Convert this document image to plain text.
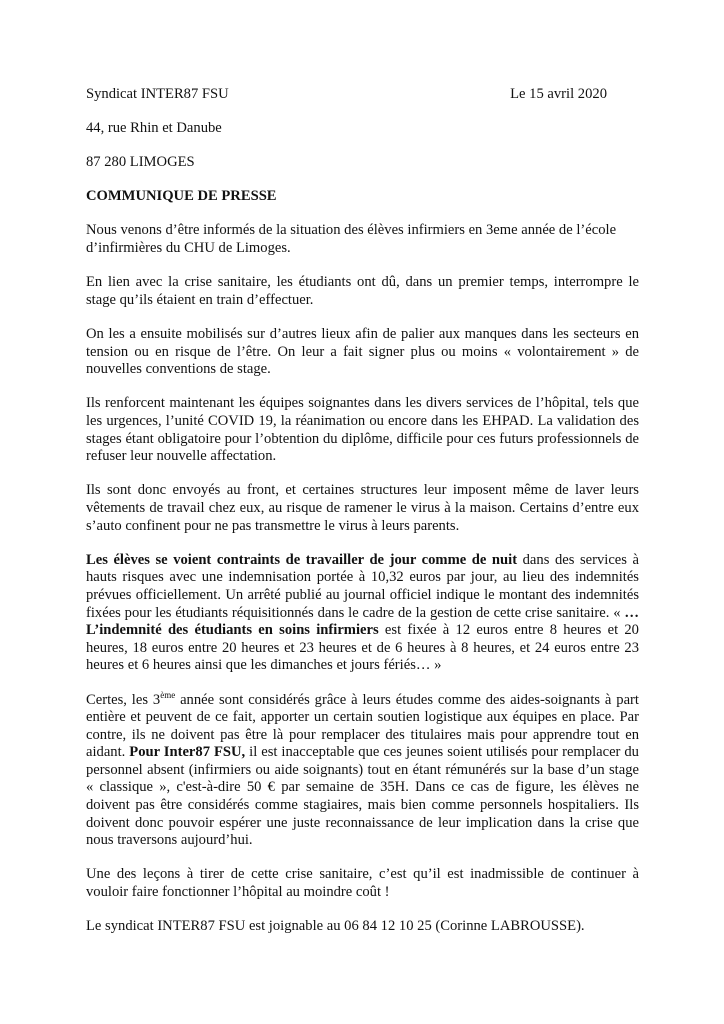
Syndicat INTER87 FSU	Le 15 avril 2020
44, rue Rhin et Danube
87 280 LIMOGES
COMMUNIQUE DE PRESSE

Nous venons d’être informés de la situation des élèves infirmiers en 3eme année de l’école d’infirmières du CHU de Limoges.

En lien avec la crise sanitaire, les étudiants ont dû, dans un premier temps, interrompre le stage qu’ils étaient en train d’effectuer.

On les a ensuite mobilisés sur d’autres lieux afin de palier aux manques dans les secteurs en tension ou en risque de l’être. On leur a fait signer plus ou moins « volontairement » de nouvelles conventions de stage.

Ils renforcent maintenant les équipes soignantes dans les divers services de l’hôpital, tels que les urgences, l’unité COVID 19, la réanimation ou encore dans les EHPAD. La validation des stages étant obligatoire pour l’obtention du diplôme, difficile pour ces futurs professionnels de refuser leur nouvelle affectation.

Ils sont donc envoyés au front, et certaines structures leur imposent même de laver leurs vêtements de travail chez eux, au risque de ramener le virus à la maison. Certains d’entre eux s’auto confinent pour ne pas transmettre le virus à leurs parents.

Les élèves se voient contraints de travailler de jour comme de nuit dans des services à hauts risques avec une indemnisation portée à 10,32 euros par jour, au lieu des indemnités prévues officiellement. Un arrêté publié au journal officiel indique le montant des indemnités fixées pour les étudiants réquisitionnés dans le cadre de la gestion de cette crise sanitaire. « …L’indemnité des étudiants en soins infirmiers est fixée à 12 euros entre 8 heures et 20 heures, 18 euros entre 20 heures et 23 heures et de 6 heures à 8 heures, et 24 euros entre 23 heures et 6 heures ainsi que les dimanches et jours fériés… »

Certes, les 3ème année sont considérés grâce à leurs études comme des aides-soignants à part entière et peuvent de ce fait, apporter un certain soutien logistique aux équipes en place. Par contre, ils ne doivent pas être là pour remplacer des titulaires mais pour apprendre tout en aidant. Pour Inter87 FSU, il est inacceptable que ces jeunes soient utilisés pour remplacer du personnel absent (infirmiers ou aide soignants) tout en étant rémunérés sur la base d’un stage « classique », c'est-à-dire 50 € par semaine de 35H. Dans ce cas de figure, les élèves ne doivent pas être considérés comme stagiaires, mais bien comme personnels hospitaliers. Ils doivent donc pouvoir espérer une juste reconnaissance de leur implication dans la crise que nous traversons aujourd’hui.

Une des leçons à tirer de cette crise sanitaire, c’est qu’il est inadmissible de continuer à vouloir faire fonctionner l’hôpital au moindre coût !

Le syndicat INTER87 FSU est joignable au 06 84 12 10 25 (Corinne LABROUSSE).
